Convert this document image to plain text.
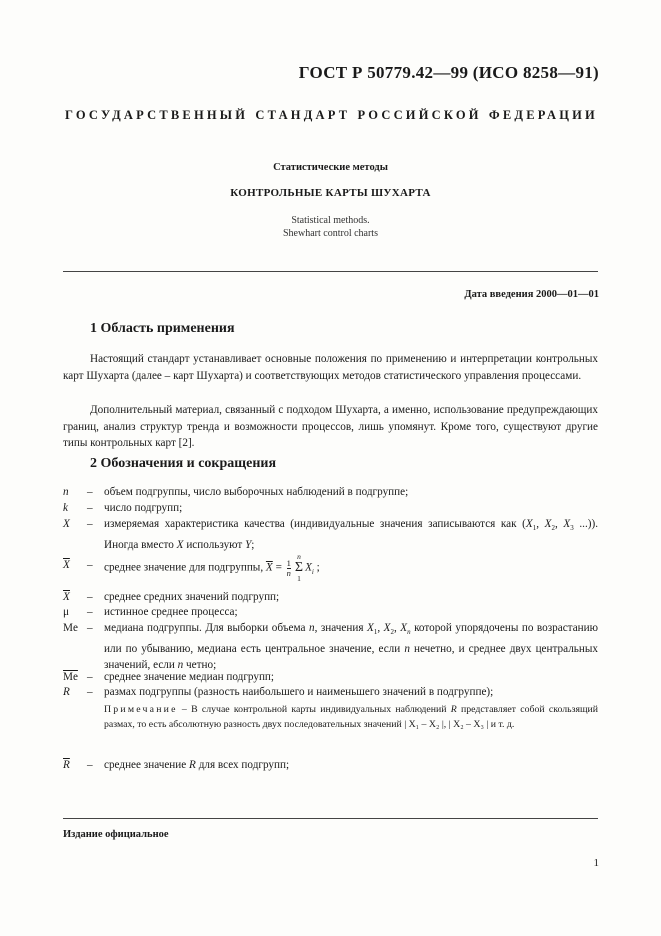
ГОСТ Р 50779.42—99 (ИСО 8258—91)
ГОСУДАРСТВЕННЫЙ СТАНДАРТ РОССИЙСКОЙ ФЕДЕРАЦИИ
Статистические методы
КОНТРОЛЬНЫЕ КАРТЫ ШУХАРТА
Statistical methods.
Shewhart control charts
Дата введения 2000—01—01
1 Область применения
Настоящий стандарт устанавливает основные положения по применению и интерпретации контрольных карт Шухарта (далее – карт Шухарта) и соответствующих методов статистического управления процессами.
Дополнительный материал, связанный с подходом Шухарта, а именно, использование предупреждающих границ, анализ структур тренда и возможности процессов, лишь упомянут. Кроме того, существуют другие типы контрольных карт [2].
2 Обозначения и сокращения
n – объем подгруппы, число выборочных наблюдений в подгруппе;
k – число подгрупп;
X – измеряемая характеристика качества (индивидуальные значения записываются как ($X_1$, $X_2$, $X_3$ ...)). Иногда вместо X используют Y;
$\overline{X}$ – среднее значение для подгруппы, $\overline{X} = \frac{1}{n}$
n
Σ
1
$X_i$ ;
$\overline{X}$ – среднее средних значений подгрупп;
μ – истинное среднее процесса;
Me – медиана подгруппы. Для выборки объема n, значения $X_1$, $X_2$, $X_n$ которой упорядочены по возрастанию или по убыванию, медиана есть центральное значение, если n нечетно, и среднее двух центральных значений, если n четно;
$\overline{Me}$ – среднее значение медиан подгрупп;
R – размах подгруппы (разность наибольшего и наименьшего значений в подгруппе);
Примечание – В случае контрольной карты индивидуальных наблюдений R представляет собой скользящий размах, то есть абсолютную разность двух последовательных значений | X₁ – X₂ |, | X₂ – X₃ | и т. д.
$\overline{R}$ – среднее значение R для всех подгрупп;
Издание официальное
1
